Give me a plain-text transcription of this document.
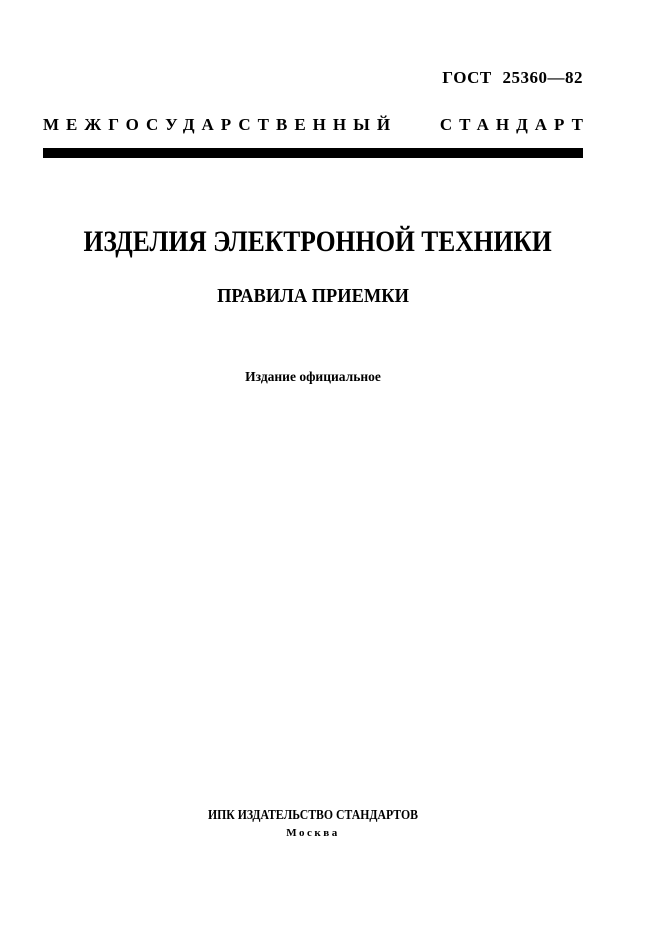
ГОСТ 25360—82
МЕЖГОСУДАРСТВЕННЫЙ	СТАНДАРТ
ИЗДЕЛИЯ ЭЛЕКТРОННОЙ ТЕХНИКИ
ПРАВИЛА ПРИЕМКИ
Издание официальное
ИПК ИЗДАТЕЛЬСТВО СТАНДАРТОВ
Москва
